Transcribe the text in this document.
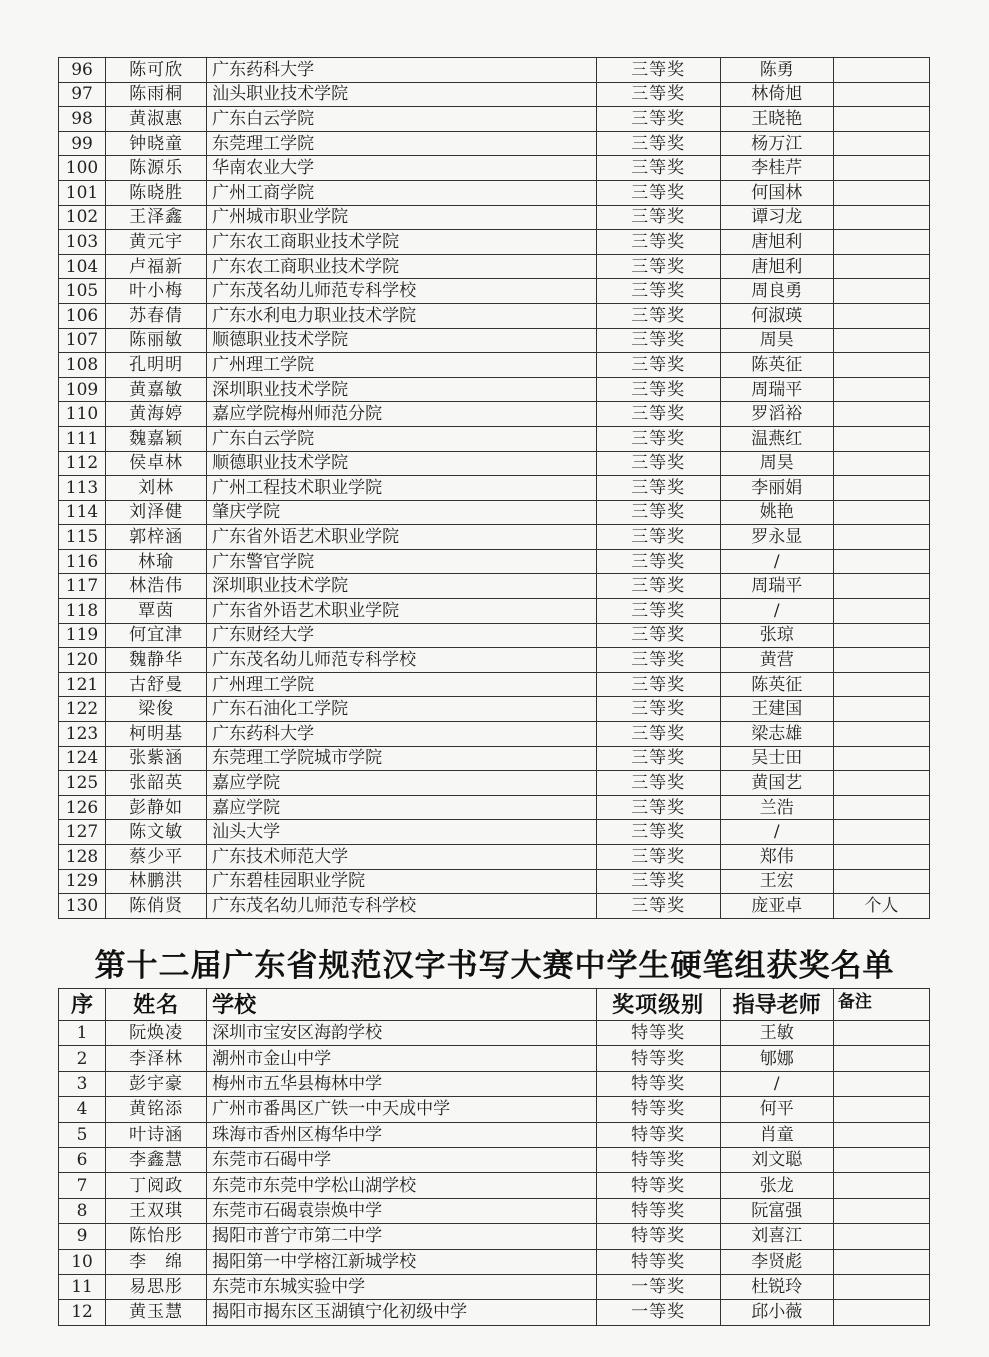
96	陈可欣	广东药科大学	三等奖	陈勇	
97	陈雨桐	汕头职业技术学院	三等奖	林倚旭	
98	黄淑惠	广东白云学院	三等奖	王晓艳	
99	钟晓童	东莞理工学院	三等奖	杨万江	
100	陈源乐	华南农业大学	三等奖	李桂芹	
101	陈晓胜	广州工商学院	三等奖	何国林	
102	王泽鑫	广州城市职业学院	三等奖	谭习龙	
103	黄元宇	广东农工商职业技术学院	三等奖	唐旭利	
104	卢福新	广东农工商职业技术学院	三等奖	唐旭利	
105	叶小梅	广东茂名幼儿师范专科学校	三等奖	周良勇	
106	苏春倩	广东水利电力职业技术学院	三等奖	何淑瑛	
107	陈丽敏	顺德职业技术学院	三等奖	周昊	
108	孔明明	广州理工学院	三等奖	陈英征	
109	黄嘉敏	深圳职业技术学院	三等奖	周瑞平	
110	黄海婷	嘉应学院梅州师范分院	三等奖	罗滔裕	
111	魏嘉颖	广东白云学院	三等奖	温燕红	
112	侯卓林	顺德职业技术学院	三等奖	周昊	
113	刘林	广州工程技术职业学院	三等奖	李丽娟	
114	刘泽健	肇庆学院	三等奖	姚艳	
115	郭梓涵	广东省外语艺术职业学院	三等奖	罗永显	
116	林瑜	广东警官学院	三等奖	/	
117	林浩伟	深圳职业技术学院	三等奖	周瑞平	
118	覃茵	广东省外语艺术职业学院	三等奖	/	
119	何宜津	广东财经大学	三等奖	张琼	
120	魏静华	广东茂名幼儿师范专科学校	三等奖	黄营	
121	古舒曼	广州理工学院	三等奖	陈英征	
122	梁俊	广东石油化工学院	三等奖	王建国	
123	柯明基	广东药科大学	三等奖	梁志雄	
124	张紫涵	东莞理工学院城市学院	三等奖	吴士田	
125	张韶英	嘉应学院	三等奖	黄国艺	
126	彭静如	嘉应学院	三等奖	兰浩	
127	陈文敏	汕头大学	三等奖	/	
128	蔡少平	广东技术师范大学	三等奖	郑伟	
129	林鹏洪	广东碧桂园职业学院	三等奖	王宏	
130	陈俏贤	广东茂名幼儿师范专科学校	三等奖	庞亚卓	个人
第十二届广东省规范汉字书写大赛中学生硬笔组获奖名单
序	姓名	学校	奖项级别	指导老师	备注
1	阮焕凌	深圳市宝安区海韵学校	特等奖	王敏	
2	李泽林	潮州市金山中学	特等奖	郇娜	
3	彭宇豪	梅州市五华县梅林中学	特等奖	/	
4	黄铭添	广州市番禺区广铁一中天成中学	特等奖	何平	
5	叶诗涵	珠海市香州区梅华中学	特等奖	肖童	
6	李鑫慧	东莞市石碣中学	特等奖	刘文聪	
7	丁阅政	东莞市东莞中学松山湖学校	特等奖	张龙	
8	王双琪	东莞市石碣袁崇焕中学	特等奖	阮富强	
9	陈怡彤	揭阳市普宁市第二中学	特等奖	刘喜江	
10	李　绵	揭阳第一中学榕江新城学校	特等奖	李贤彪	
11	易思彤	东莞市东城实验中学	一等奖	杜锐玲	
12	黄玉慧	揭阳市揭东区玉湖镇宁化初级中学	一等奖	邱小薇	
